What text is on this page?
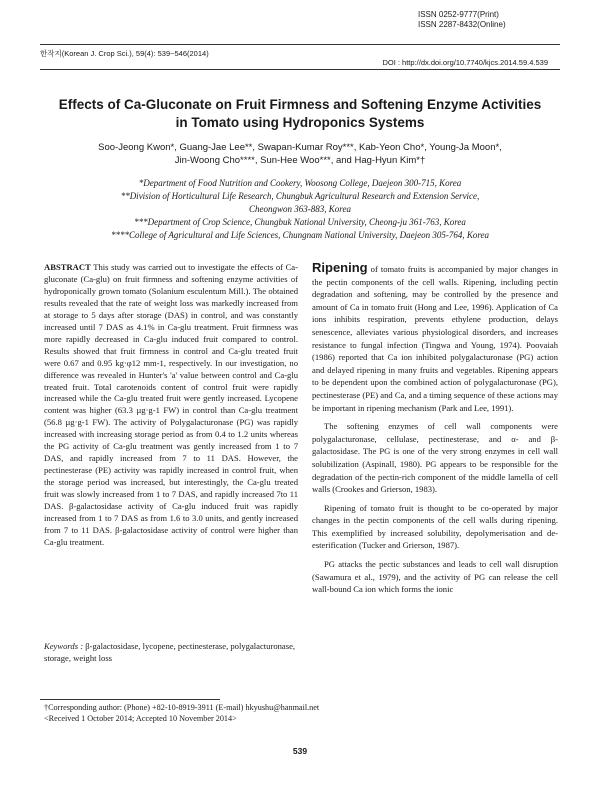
ISSN 0252-9777(Print)
ISSN 2287-8432(Online)
한작지(Korean J. Crop Sci.), 59(4): 539~546(2014)
DOI : http://dx.doi.org/10.7740/kjcs.2014.59.4.539
Effects of Ca-Gluconate on Fruit Firmness and Softening Enzyme Activities
in Tomato using Hydroponics Systems
Soo-Jeong Kwon*, Guang-Jae Lee**, Swapan-Kumar Roy***, Kab-Yeon Cho*, Young-Ja Moon*,
Jin-Woong Cho****, Sun-Hee Woo***, and Hag-Hyun Kim*†
*Department of Food Nutrition and Cookery, Woosong College, Daejeon 300-715, Korea
**Division of Horticultural Life Research, Chungbuk Agricultural Research and Extension Service,
Cheongwon 363-883, Korea
***Department of Crop Science, Chungbuk National University, Cheong-ju 361-763, Korea
****College of Agricultural and Life Sciences, Chungnam National University, Daejeon 305-764, Korea
ABSTRACT This study was carried out to investigate the effects of Ca-gluconate (Ca-glu) on fruit firmness and softening enzyme activities of hydroponically grown tomato (Solanium esculentum Mill.). The obtained results revealed that the rate of weight loss was markedly increased from at storage to 5 days after storage (DAS) in control, and was constantly increased until 7 DAS as 4.1% in Ca-glu treatment. Fruit firmness was more rapidly decreased in Ca-glu induced fruit compared to control. Results showed that fruit firmness in control and Ca-glu treated fruit were 0.67 and 0.95 kg·φ12 mm-1, respectively. In our investigation, no difference was revealed in Hunter's 'a' value between control and Ca-glu treated fruit. Total carotenoids content of control fruit were rapidly increased while the Ca-glu treated fruit were gently increased. Lycopene content was higher (63.3 µg·g-1 FW) in control than Ca-glu treatment (56.8 µg·g-1 FW). The activity of Polygalacturonase (PG) was rapidly increased with increasing storage period as from 0.4 to 1.2 units whereas the PG activity of Ca-glu treatment was gently increased from 1 to 7 DAS, and rapidly increased from 7 to 11 DAS. However, the pectinesterase (PE) activity was rapidly increased in control fruit, when the storage period was increased, but interestingly, the Ca-glu treated fruit was slowly increased from 1 to 7 DAS, and rapidly increased 7to 11 DAS. β-galactosidase activity of Ca-glu induced fruit was rapidly increased from 1 to 7 DAS as from 1.6 to 3.0 units, and gently increased from 7 to 11 DAS. β-galactosidase activity of control were higher than Ca-glu treatment.
Keywords : β-galactosidase, lycopene, pectinesterase, polygalacturonase, storage, weight loss

Ripening of tomato fruits is accompanied by major changes in the pectin components of the cell walls. Ripening, including pectin degradation and softening, may be controlled by the presence and amount of Ca in tomato fruit (Hong and Lee, 1996). Application of Ca ions inhibits respiration, prevents ethylene production, delays senescence, alleviates various physiological disorders, and increases resistance to fungal infection (Tingwa and Young, 1974). Poovaiah (1986) reported that Ca ion inhibited polygalacturonase (PG) action and delayed ripening in many fruits and vegetables. Ripening appears to be dependent upon the combined action of polygalacturonase (PG), pectinesterase (PE) and Ca, and a timing sequence of these actions may be important in ripening mechanism (Park and Lee, 1991).

The softening enzymes of cell wall components were polygalacturonase, cellulase, pectinesterase, and α- and β-galactosidase. The PG is one of the very strong enzymes in cell wall solubilization (Aspinall, 1980). PG appears to be responsible for the degradation of the pectin-rich component of the middle lamella of cell walls (Crookes and Grierson, 1983).

Ripening of tomato fruit is thought to be co-operated by major changes in the pectin components of the cell walls during ripening. This exemplified by increased solubility, depolymerisation and de-esterification (Tucker and Grierson, 1987).

PG attacks the pectic substances and leads to cell wall disruption (Sawamura et al., 1979), and the activity of PG can release the cell wall-bound Ca ion which forms the ionic

†Corresponding author: (Phone) +82-10-8919-3911 (E-mail) hkyushu@hanmail.net
<Received 1 October 2014; Accepted 10 November 2014>
539
